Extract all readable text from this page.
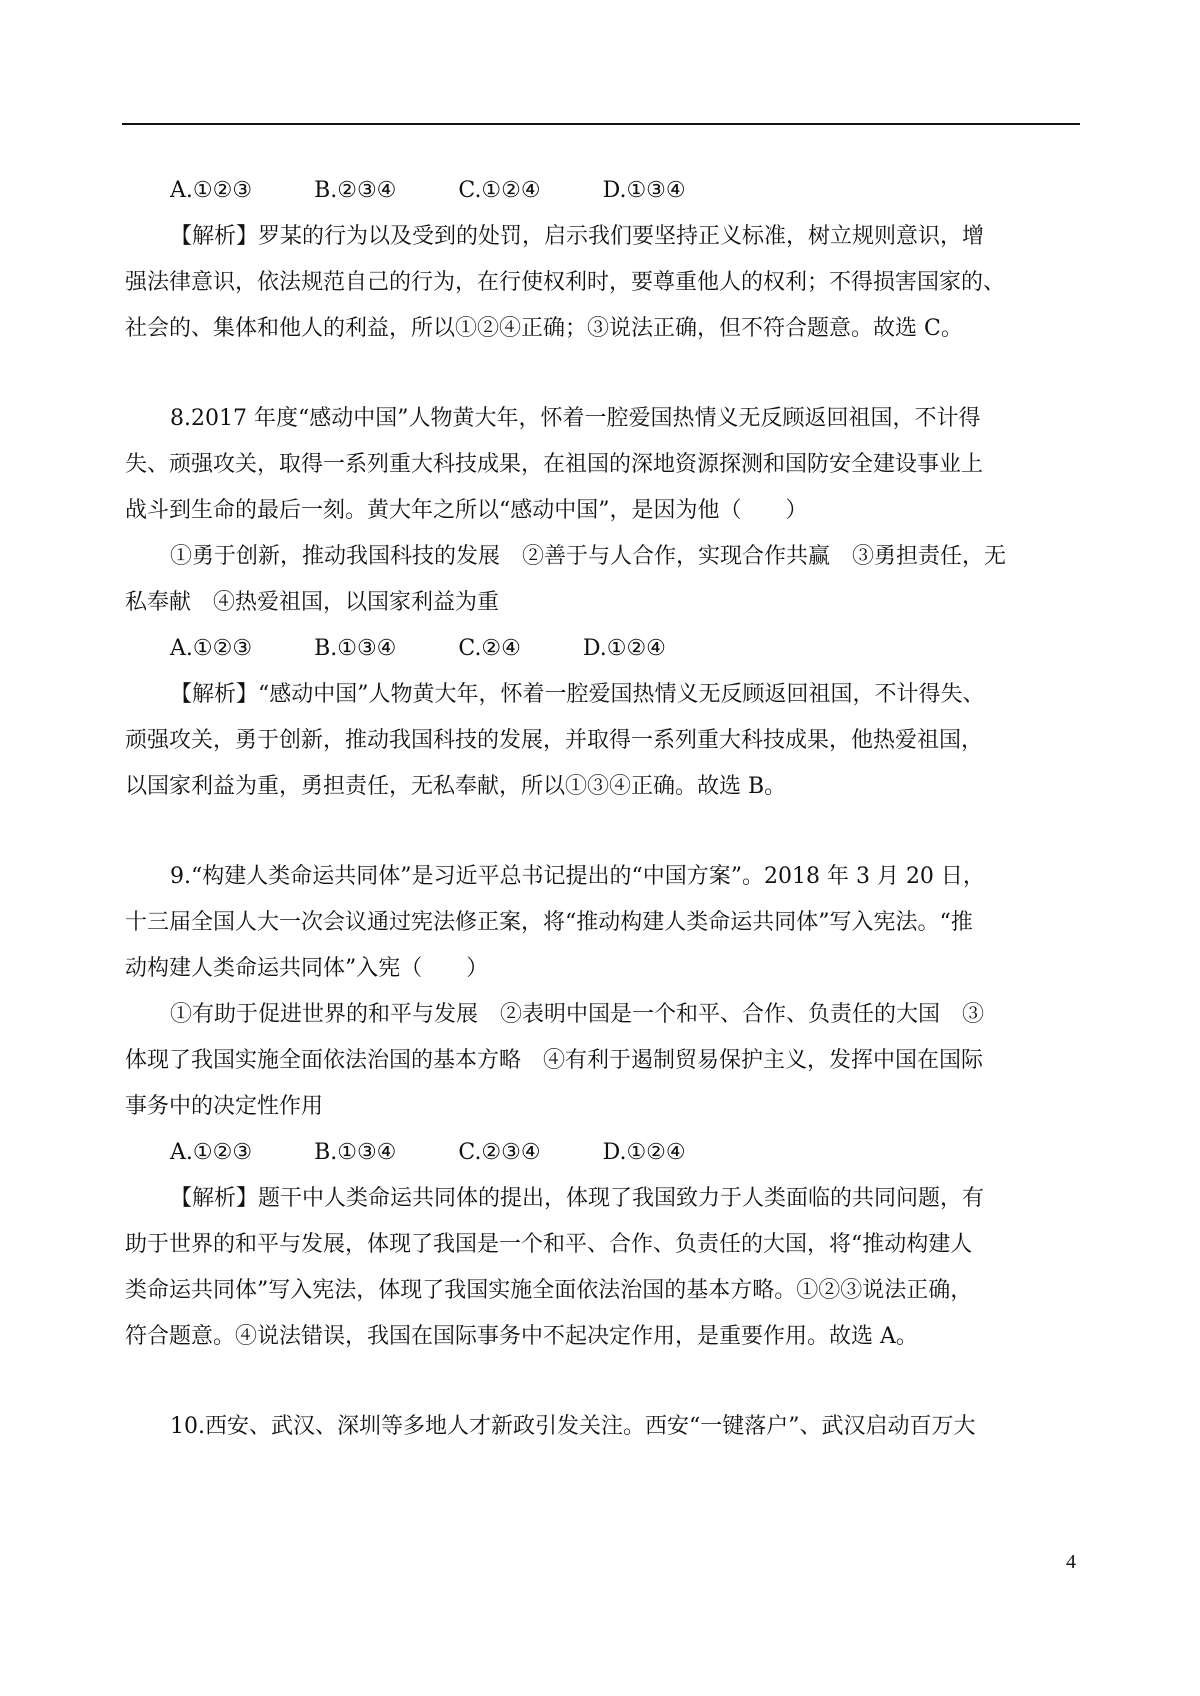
A.①②③	B.②③④	C.①②④	D.①③④
【解析】罗某的行为以及受到的处罚，启示我们要坚持正义标准，树立规则意识，增
强法律意识，依法规范自己的行为，在行使权利时，要尊重他人的权利；不得损害国家的、
社会的、集体和他人的利益，所以①②④正确；③说法正确，但不符合题意。故选 C。
8.2017 年度“感动中国”人物黄大年，怀着一腔爱国热情义无反顾返回祖国，不计得
失、顽强攻关，取得一系列重大科技成果，在祖国的深地资源探测和国防安全建设事业上
战斗到生命的最后一刻。黄大年之所以“感动中国”，是因为他（　　）
①勇于创新，推动我国科技的发展　②善于与人合作，实现合作共赢　③勇担责任，无
私奉献　④热爱祖国，以国家利益为重
A.①②③	B.①③④	C.②④	D.①②④
【解析】“感动中国”人物黄大年，怀着一腔爱国热情义无反顾返回祖国，不计得失、
顽强攻关，勇于创新，推动我国科技的发展，并取得一系列重大科技成果，他热爱祖国，
以国家利益为重，勇担责任，无私奉献，所以①③④正确。故选 B。
9.“构建人类命运共同体”是习近平总书记提出的“中国方案”。2018 年 3 月 20 日，
十三届全国人大一次会议通过宪法修正案，将“推动构建人类命运共同体”写入宪法。“推
动构建人类命运共同体”入宪（　　）
①有助于促进世界的和平与发展　②表明中国是一个和平、合作、负责任的大国　③
体现了我国实施全面依法治国的基本方略　④有利于遏制贸易保护主义，发挥中国在国际
事务中的决定性作用
A.①②③	B.①③④	C.②③④	D.①②④
【解析】题干中人类命运共同体的提出，体现了我国致力于人类面临的共同问题，有
助于世界的和平与发展，体现了我国是一个和平、合作、负责任的大国，将“推动构建人
类命运共同体”写入宪法，体现了我国实施全面依法治国的基本方略。①②③说法正确，
符合题意。④说法错误，我国在国际事务中不起决定作用，是重要作用。故选 A。
10.西安、武汉、深圳等多地人才新政引发关注。西安“一键落户”、武汉启动百万大
4
